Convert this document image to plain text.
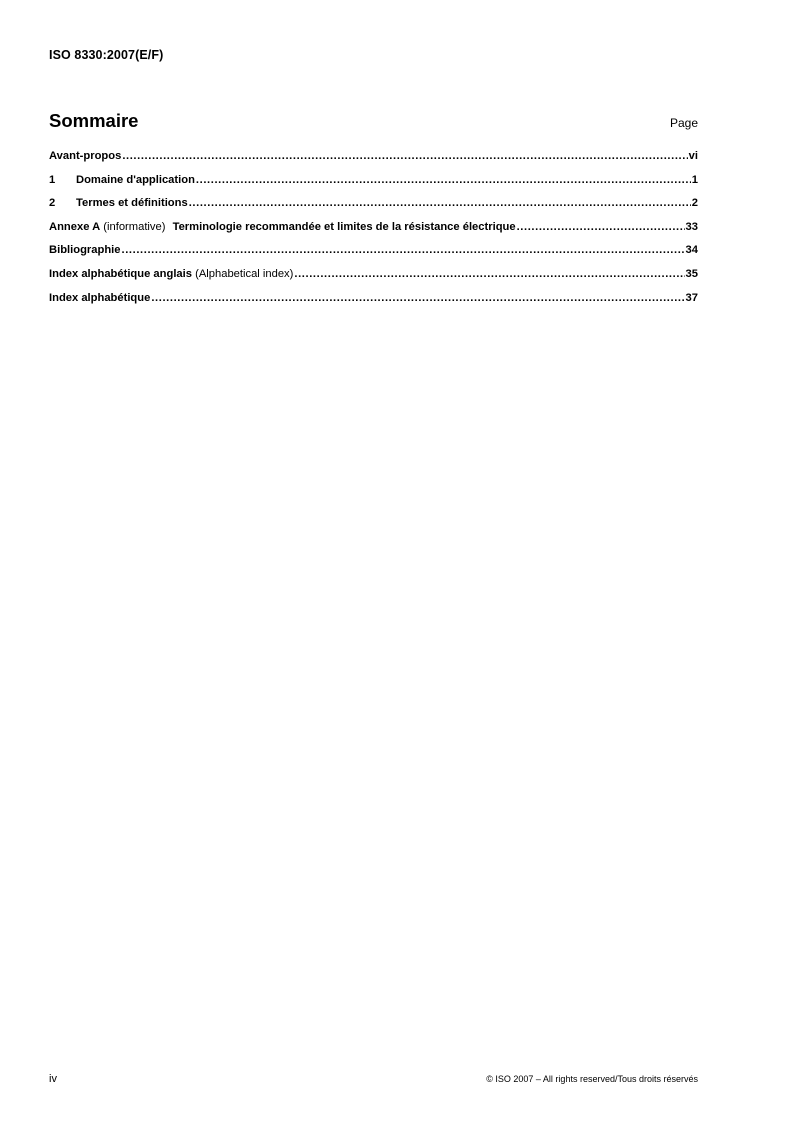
ISO 8330:2007(E/F)
Sommaire	Page
Avant-propos .....	vi
1	Domaine d'application .....	1
2	Termes et définitions .....	2
Annexe A (informative) Terminologie recommandée et limites de la résistance électrique .....	33
Bibliographie .....	34
Index alphabétique anglais (Alphabetical index) .....	35
Index alphabétique .....	37
iv	© ISO 2007 – All rights reserved/Tous droits réservés
